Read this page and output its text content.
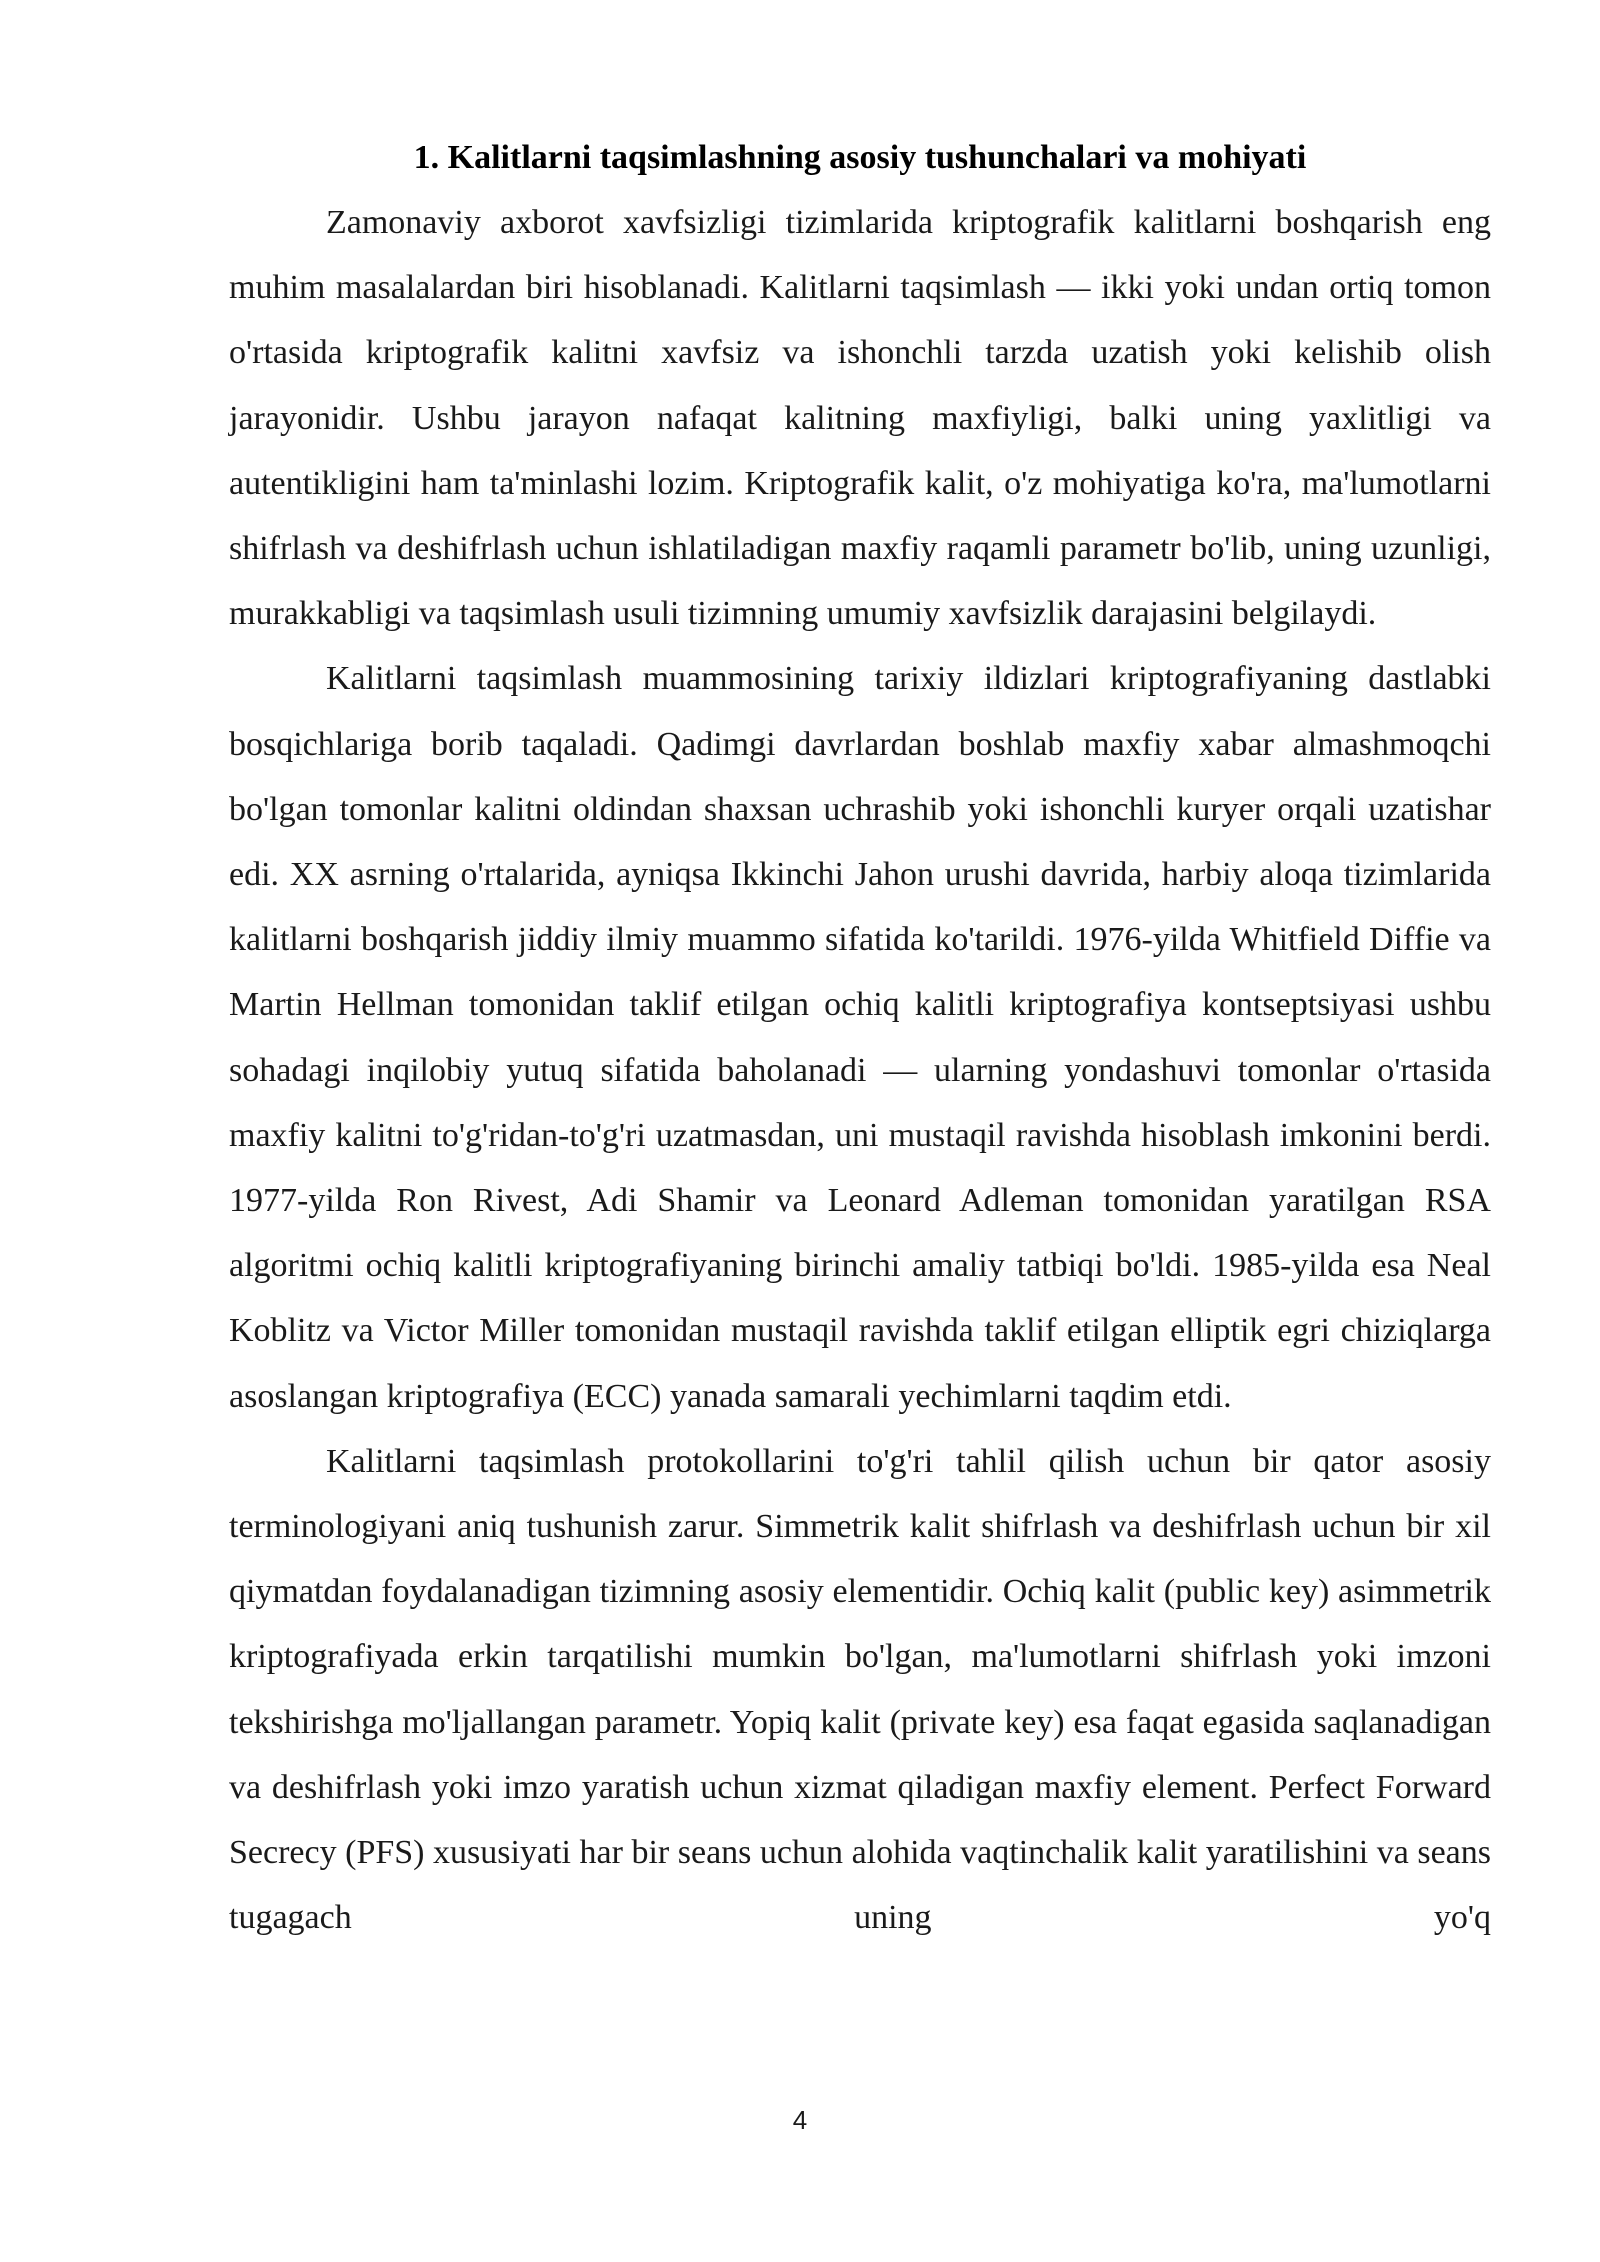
1. Kalitlarni taqsimlashning asosiy tushunchalari va mohiyati

Zamonaviy axborot xavfsizligi tizimlarida kriptografik kalitlarni boshqarish eng muhim masalalardan biri hisoblanadi. Kalitlarni taqsimlash — ikki yoki undan ortiq tomon o'rtasida kriptografik kalitni xavfsiz va ishonchli tarzda uzatish yoki kelishib olish jarayonidir. Ushbu jarayon nafaqat kalitning maxfiyligi, balki uning yaxlitligi va autentikligini ham ta'minlashi lozim. Kriptografik kalit, o'z mohiyatiga ko'ra, ma'lumotlarni shifrlash va deshifrlash uchun ishlatiladigan maxfiy raqamli parametr bo'lib, uning uzunligi, murakkabligi va taqsimlash usuli tizimning umumiy xavfsizlik darajasini belgilaydi.

Kalitlarni taqsimlash muammosining tarixiy ildizlari kriptografiyaning dastlabki bosqichlariga borib taqaladi. Qadimgi davrlardan boshlab maxfiy xabar almashmoqchi bo'lgan tomonlar kalitni oldindan shaxsan uchrashib yoki ishonchli kuryer orqali uzatishar edi. XX asrning o'rtalarida, ayniqsa Ikkinchi Jahon urushi davrida, harbiy aloqa tizimlarida kalitlarni boshqarish jiddiy ilmiy muammo sifatida ko'tarildi. 1976-yilda Whitfield Diffie va Martin Hellman tomonidan taklif etilgan ochiq kalitli kriptografiya kontseptsiyasi ushbu sohadagi inqilobiy yutuq sifatida baholanadi — ularning yondashuvi tomonlar o'rtasida maxfiy kalitni to'g'ridan-to'g'ri uzatmasdan, uni mustaqil ravishda hisoblash imkonini berdi. 1977-yilda Ron Rivest, Adi Shamir va Leonard Adleman tomonidan yaratilgan RSA algoritmi ochiq kalitli kriptografiyaning birinchi amaliy tatbiqi bo'ldi. 1985-yilda esa Neal Koblitz va Victor Miller tomonidan mustaqil ravishda taklif etilgan elliptik egri chiziqlarga asoslangan kriptografiya (ECC) yanada samarali yechimlarni taqdim etdi.

Kalitlarni taqsimlash protokollarini to'g'ri tahlil qilish uchun bir qator asosiy terminologiyani aniq tushunish zarur. Simmetrik kalit shifrlash va deshifrlash uchun bir xil qiymatdan foydalanadigan tizimning asosiy elementidir. Ochiq kalit (public key) asimmetrik kriptografiyada erkin tarqatilishi mumkin bo'lgan, ma'lumotlarni shifrlash yoki imzoni tekshirishga mo'ljallangan parametr. Yopiq kalit (private key) esa faqat egasida saqlanadigan va deshifrlash yoki imzo yaratish uchun xizmat qiladigan maxfiy element. Perfect Forward Secrecy (PFS) xususiyati har bir seans uchun alohida vaqtinchalik kalit yaratilishini va seans tugagach uning yo'q

4
